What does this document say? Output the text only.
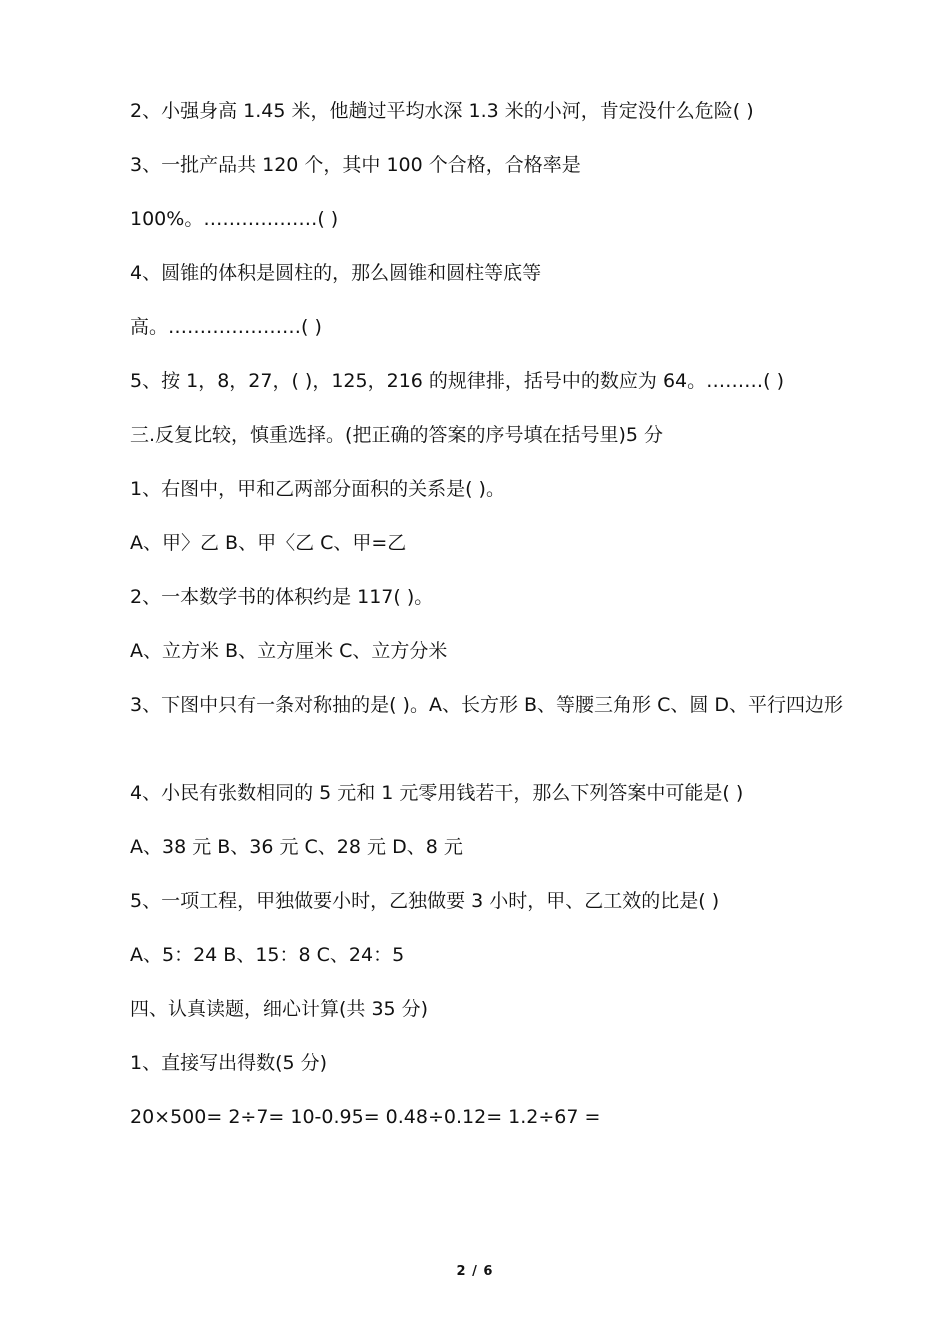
2、小强身高 1.45 米，他趟过平均水深 1.3 米的小河，肯定没什么危险( )
3、一批产品共 120 个，其中 100 个合格，合格率是
100%。………………( )
4、圆锥的体积是圆柱的，那么圆锥和圆柱等底等
高。…………………( )
5、按 1，8，27，( )，125，216 的规律排，括号中的数应为 64。………( )
三.反复比较，慎重选择。(把正确的答案的序号填在括号里)5 分
1、右图中，甲和乙两部分面积的关系是( )。
A、甲〉乙 B、甲〈乙 C、甲=乙
2、一本数学书的体积约是 117( )。
A、立方米 B、立方厘米 C、立方分米
3、下图中只有一条对称抽的是( )。A、长方形 B、等腰三角形 C、圆 D、平行四边形
4、小民有张数相同的 5 元和 1 元零用钱若干，那么下列答案中可能是( )
A、38 元 B、36 元 C、28 元 D、8 元
5、一项工程，甲独做要小时，乙独做要 3 小时，甲、乙工效的比是( )
A、5：24 B、15：8 C、24：5
四、认真读题，细心计算(共 35 分)
1、直接写出得数(5 分)
20×500= 2÷7= 10-0.95= 0.48÷0.12= 1.2÷67 =
2 / 6
